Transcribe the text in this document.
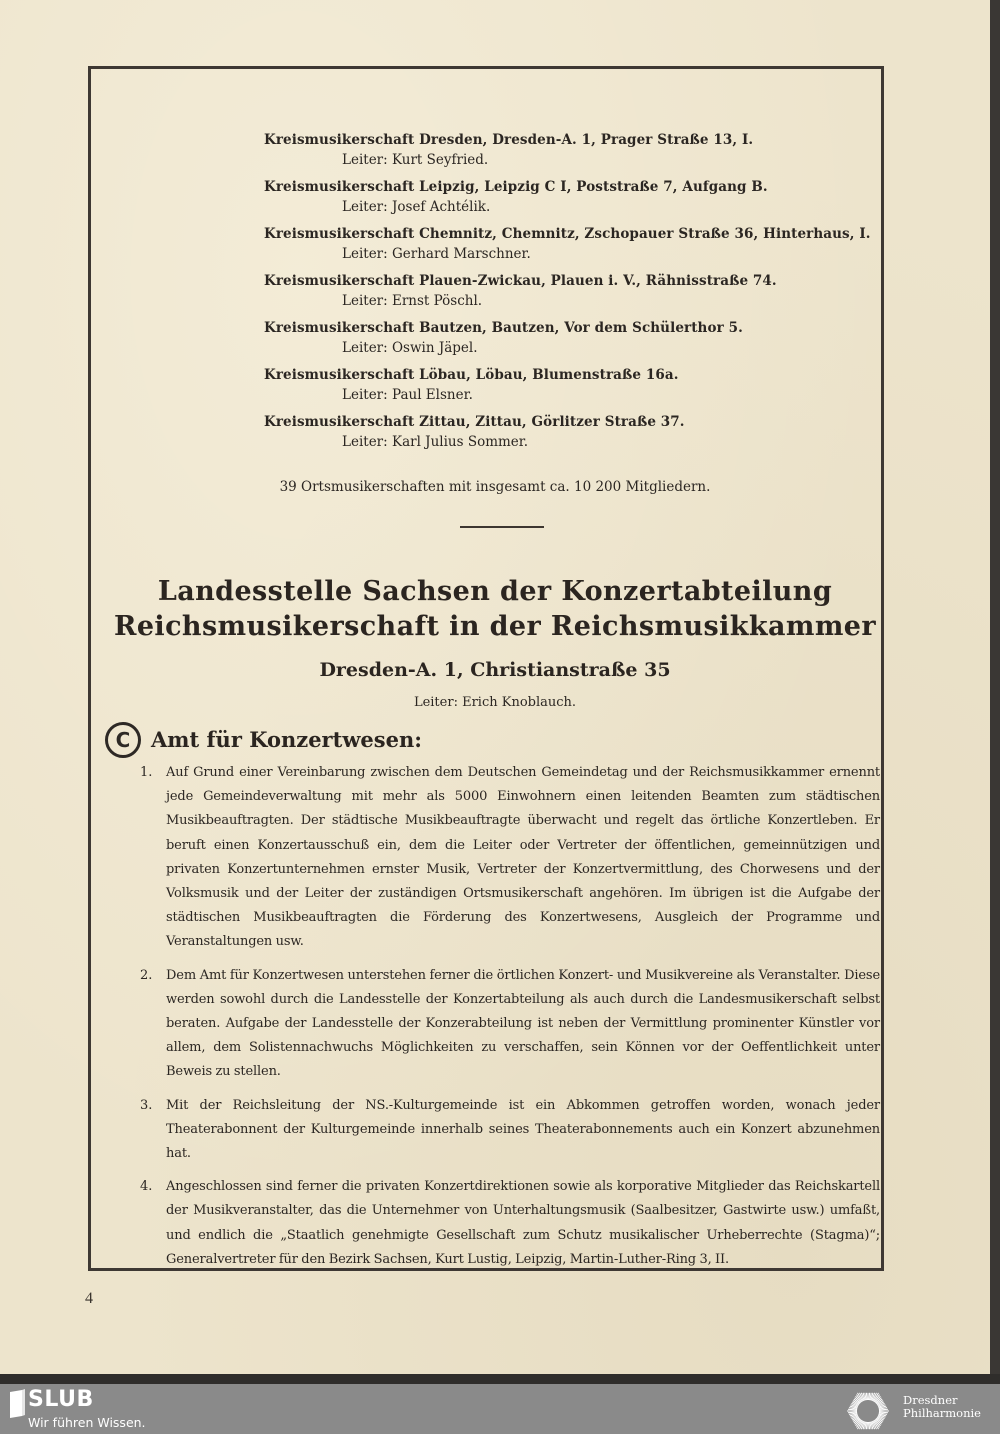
Kreismusikerschaft Dresden, Dresden-A. 1, Prager Straße 13, I.
Leiter: Kurt Seyfried.
Kreismusikerschaft Leipzig, Leipzig C I, Poststraße 7, Aufgang B.
Leiter: Josef Achtélik.
Kreismusikerschaft Chemnitz, Chemnitz, Zschopauer Straße 36, Hinterhaus, I.
Leiter: Gerhard Marschner.
Kreismusikerschaft Plauen-Zwickau, Plauen i. V., Rähnisstraße 74.
Leiter: Ernst Pöschl.
Kreismusikerschaft Bautzen, Bautzen, Vor dem Schülerthor 5.
Leiter: Oswin Jäpel.
Kreismusikerschaft Löbau, Löbau, Blumenstraße 16a.
Leiter: Paul Elsner.
Kreismusikerschaft Zittau, Zittau, Görlitzer Straße 37.
Leiter: Karl Julius Sommer.
39 Ortsmusikerschaften mit insgesamt ca. 10 200 Mitgliedern.
Landesstelle Sachsen der Konzertabteilung
Reichsmusikerschaft in der Reichsmusikkammer
Dresden-A. 1, Christianstraße 35
Leiter: Erich Knoblauch.
C Amt für Konzertwesen:
1.	Auf Grund einer Vereinbarung zwischen dem Deutschen Gemeindetag und der Reichsmusikkammer ernennt jede Gemeindeverwaltung mit mehr als 5000 Einwohnern einen leitenden Beamten zum städtischen Musikbeauftragten. Der städtische Musikbeauftragte überwacht und regelt das örtliche Konzertleben. Er beruft einen Konzertausschuß ein, dem die Leiter oder Vertreter der öffentlichen, gemeinnützigen und privaten Konzertunternehmen ernster Musik, Vertreter der Konzertvermittlung, des Chorwesens und der Volksmusik und der Leiter der zuständigen Ortsmusikerschaft angehören. Im übrigen ist die Aufgabe der städtischen Musikbeauftragten die Förderung des Konzertwesens, Ausgleich der Programme und Veranstaltungen usw.
2.	Dem Amt für Konzertwesen unterstehen ferner die örtlichen Konzert- und Musikvereine als Veranstalter. Diese werden sowohl durch die Landesstelle der Konzertabteilung als auch durch die Landesmusikerschaft selbst beraten. Aufgabe der Landesstelle der Konzerabteilung ist neben der Vermittlung prominenter Künstler vor allem, dem Solistennachwuchs Möglichkeiten zu verschaffen, sein Können vor der Oeffentlichkeit unter Beweis zu stellen.
3.	Mit der Reichsleitung der NS.-Kulturgemeinde ist ein Abkommen getroffen worden, wonach jeder Theaterabonnent der Kulturgemeinde innerhalb seines Theaterabonnements auch ein Konzert abzunehmen hat.
4.	Angeschlossen sind ferner die privaten Konzertdirektionen sowie als korporative Mitglieder das Reichskartell der Musikveranstalter, das die Unternehmer von Unterhaltungsmusik (Saalbesitzer, Gastwirte usw.) umfaßt, und endlich die „Staatlich genehmigte Gesellschaft zum Schutz musikalischer Urheberrechte (Stagma)“; Generalvertreter für den Bezirk Sachsen, Kurt Lustig, Leipzig, Martin-Luther-Ring 3, II.
4
SLUB
Wir führen Wissen.
Dresdner
Philharmonie
